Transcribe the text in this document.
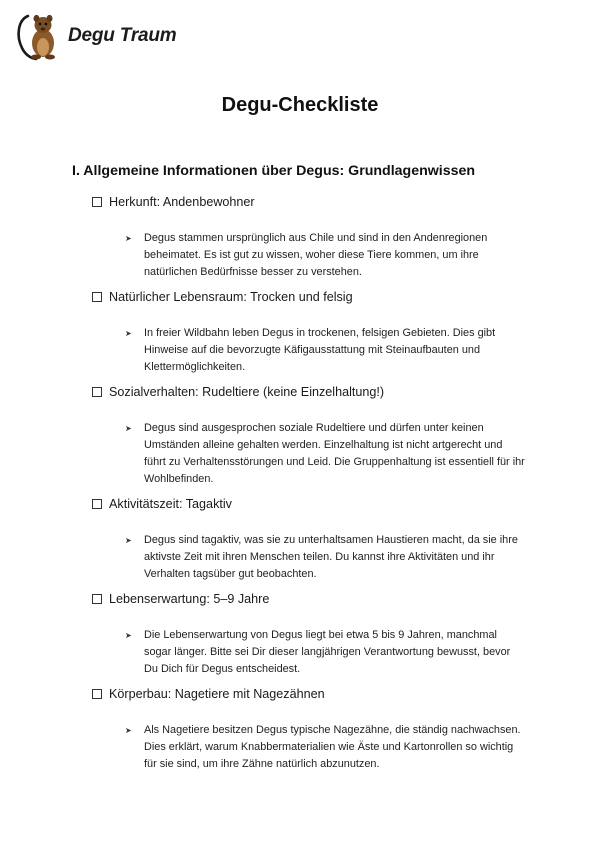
Degu Traum
Degu-Checkliste
I. Allgemeine Informationen über Degus: Grundlagenwissen
Herkunft: Andenbewohner
➤ Degus stammen ursprünglich aus Chile und sind in den Andenregionen beheimatet. Es ist gut zu wissen, woher diese Tiere kommen, um ihre natürlichen Bedürfnisse besser zu verstehen.
Natürlicher Lebensraum: Trocken und felsig
➤ In freier Wildbahn leben Degus in trockenen, felsigen Gebieten. Dies gibt Hinweise auf die bevorzugte Käfigausstattung mit Steinaufbauten und Klettermöglichkeiten.
Sozialverhalten: Rudeltiere (keine Einzelhaltung!)
➤ Degus sind ausgesprochen soziale Rudeltiere und dürfen unter keinen Umständen alleine gehalten werden. Einzelhaltung ist nicht artgerecht und führt zu Verhaltensstörungen und Leid. Die Gruppenhaltung ist essentiell für ihr Wohlbefinden.
Aktivitätszeit: Tagaktiv
➤ Degus sind tagaktiv, was sie zu unterhaltsamen Haustieren macht, da sie ihre aktivste Zeit mit ihren Menschen teilen. Du kannst ihre Aktivitäten und ihr Verhalten tagsüber gut beobachten.
Lebenserwartung: 5–9 Jahre
➤ Die Lebenserwartung von Degus liegt bei etwa 5 bis 9 Jahren, manchmal sogar länger. Bitte sei Dir dieser langjährigen Verantwortung bewusst, bevor Du Dich für Degus entscheidest.
Körperbau: Nagetiere mit Nagezähnen
➤ Als Nagetiere besitzen Degus typische Nagezähne, die ständig nachwachsen. Dies erklärt, warum Knabbermaterialien wie Äste und Kartonrollen so wichtig für sie sind, um ihre Zähne natürlich abzunutzen.
